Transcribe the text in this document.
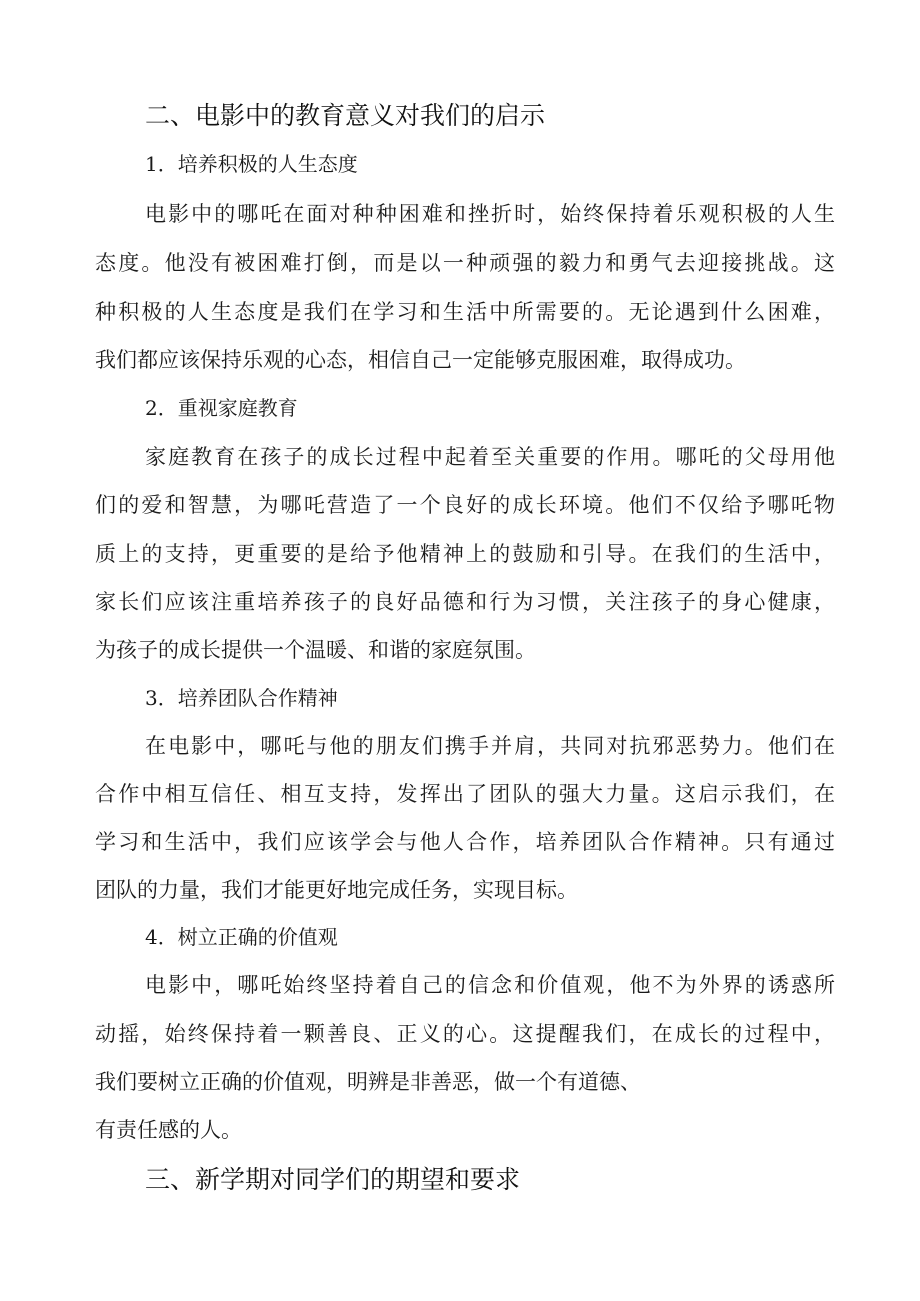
二、电影中的教育意义对我们的启示
1．培养积极的人生态度
电影中的哪吒在面对种种困难和挫折时，始终保持着乐观积极的人生
态度。他没有被困难打倒，而是以一种顽强的毅力和勇气去迎接挑战。这
种积极的人生态度是我们在学习和生活中所需要的。无论遇到什么困难，
我们都应该保持乐观的心态，相信自己一定能够克服困难，取得成功。
2．重视家庭教育
家庭教育在孩子的成长过程中起着至关重要的作用。哪吒的父母用他
们的爱和智慧，为哪吒营造了一个良好的成长环境。他们不仅给予哪吒物
质上的支持，更重要的是给予他精神上的鼓励和引导。在我们的生活中，
家长们应该注重培养孩子的良好品德和行为习惯，关注孩子的身心健康，
为孩子的成长提供一个温暖、和谐的家庭氛围。
3．培养团队合作精神
在电影中，哪吒与他的朋友们携手并肩，共同对抗邪恶势力。他们在
合作中相互信任、相互支持，发挥出了团队的强大力量。这启示我们，在
学习和生活中，我们应该学会与他人合作，培养团队合作精神。只有通过
团队的力量，我们才能更好地完成任务，实现目标。
4．树立正确的价值观
电影中，哪吒始终坚持着自己的信念和价值观，他不为外界的诱惑所
动摇，始终保持着一颗善良、正义的心。这提醒我们，在成长的过程中，
我们要树立正确的价值观，明辨是非善恶，做一个有道德、
有责任感的人。
三、新学期对同学们的期望和要求
